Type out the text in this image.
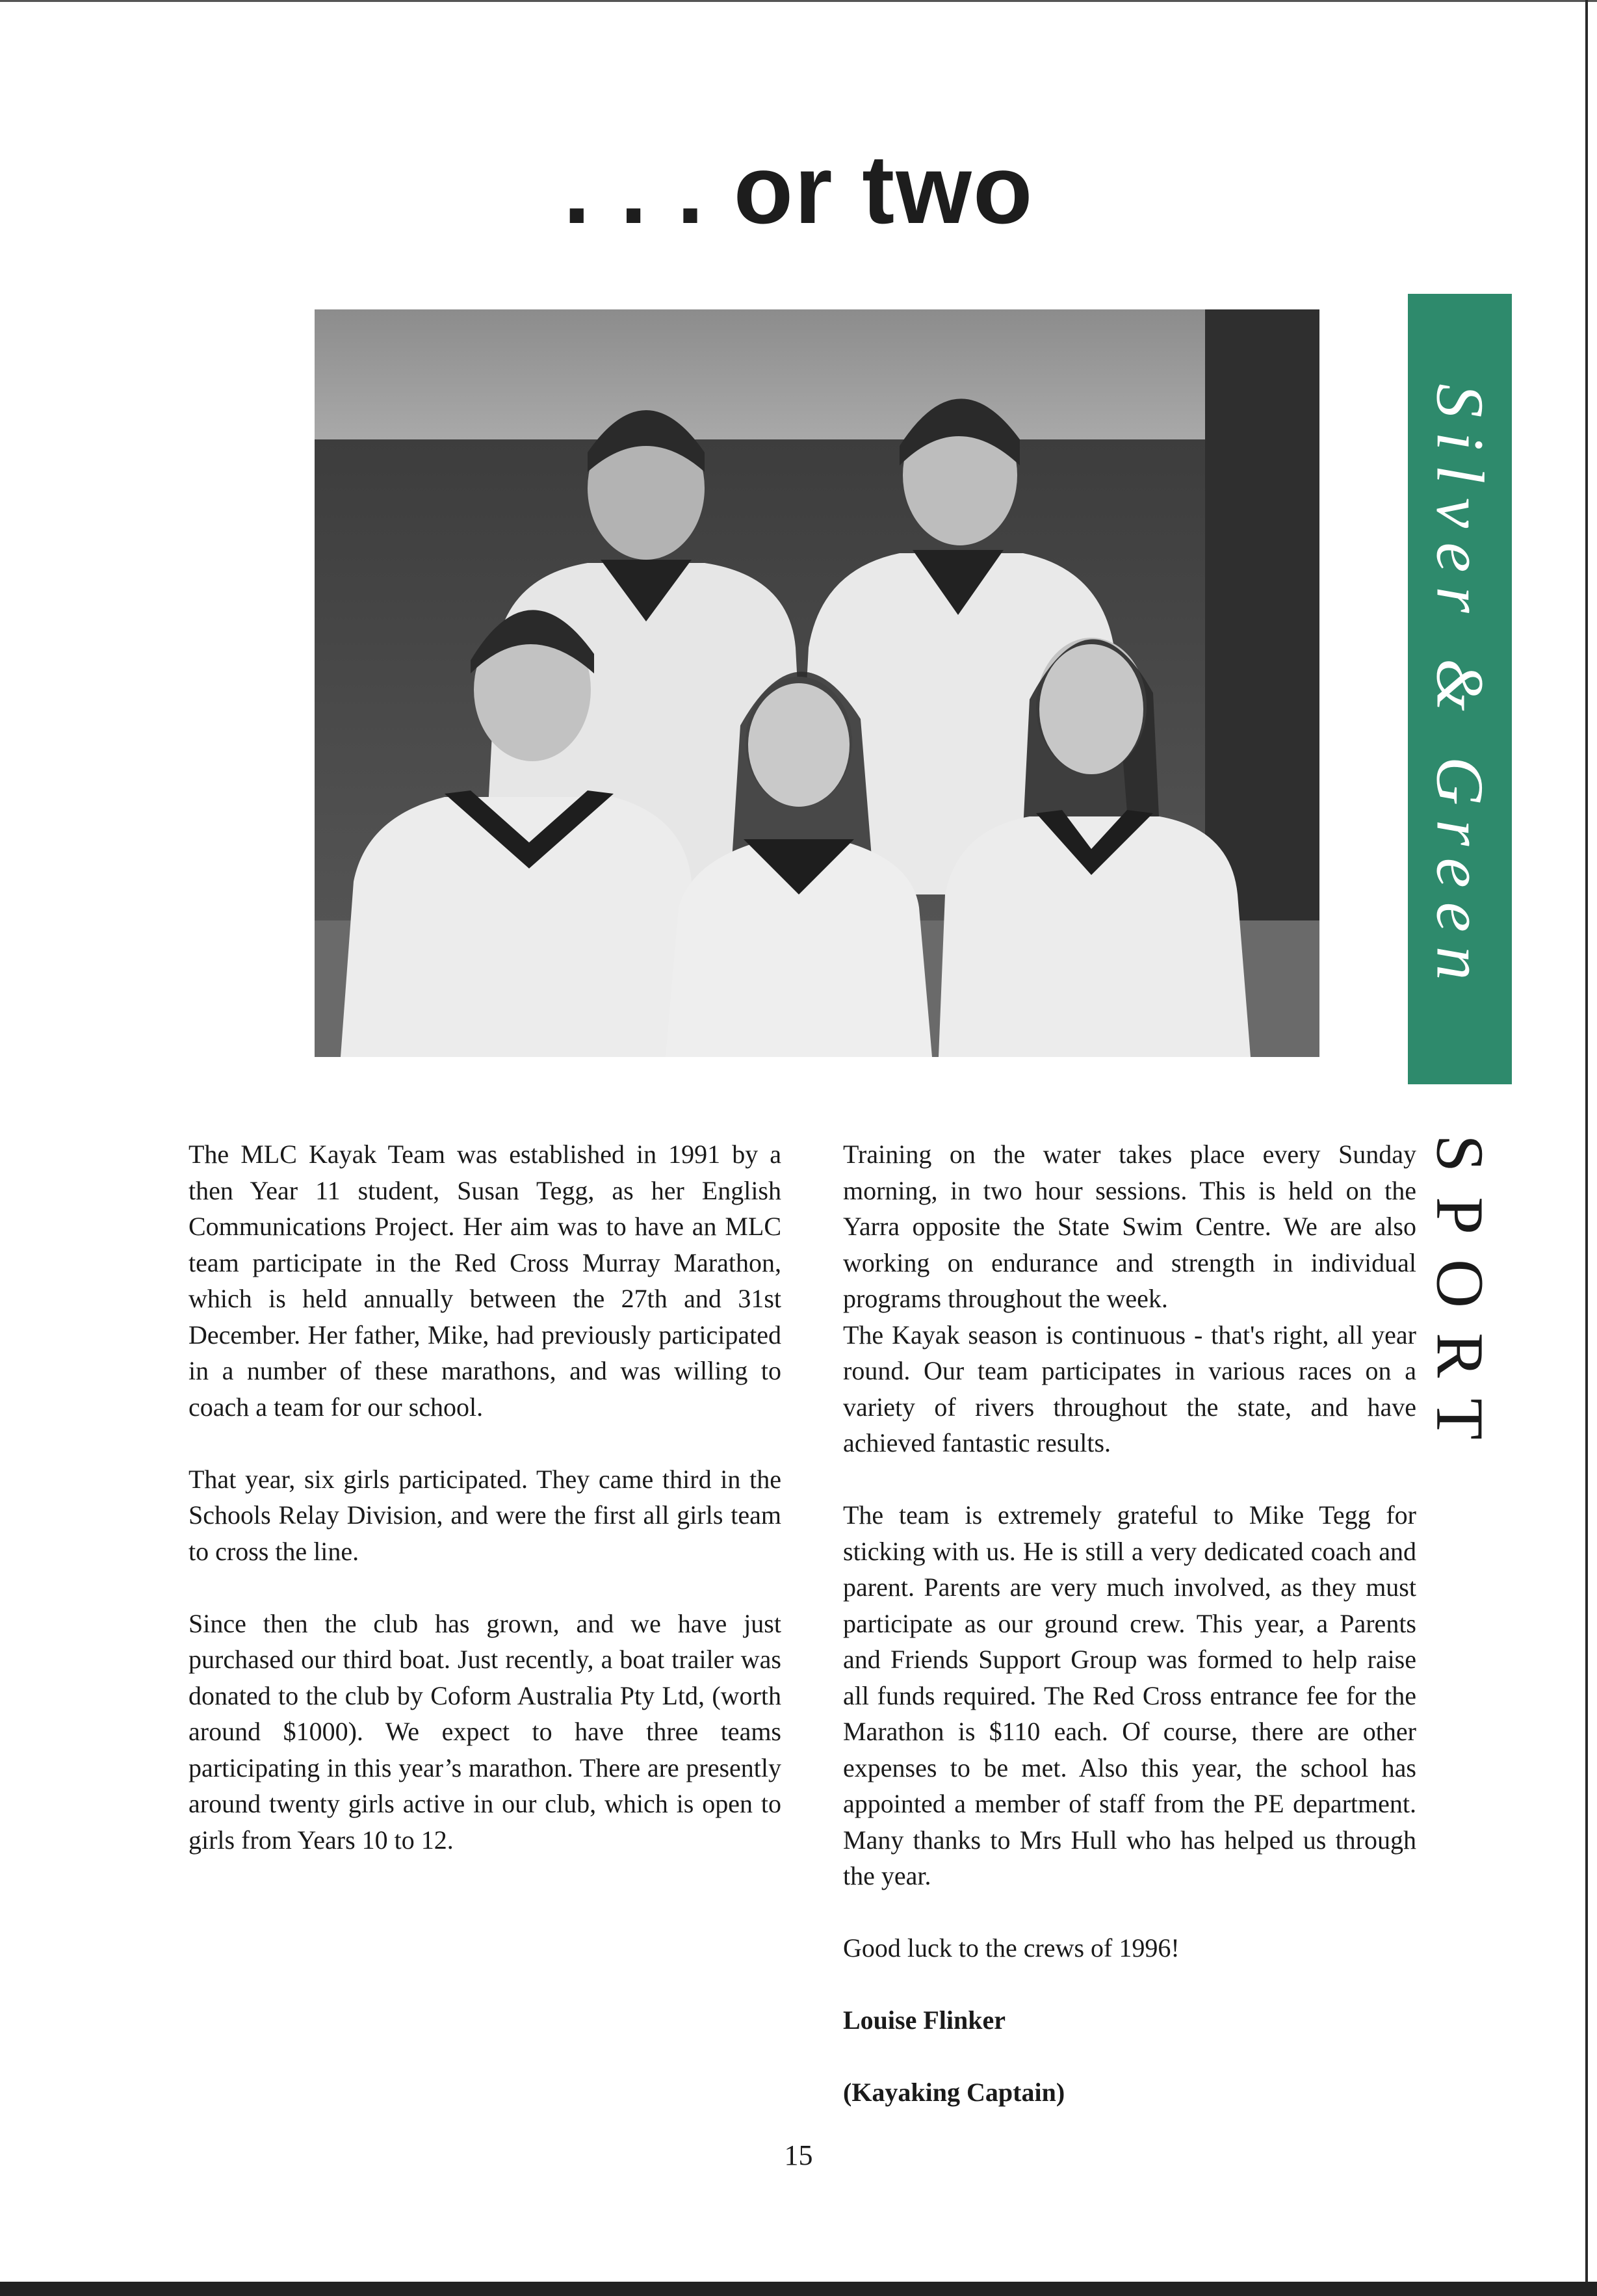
. . . or two
Silver & Green
SPORT

The MLC Kayak Team was established in 1991 by a then Year 11 student, Susan Tegg, as her English Communications Project. Her aim was to have an MLC team participate in the Red Cross Murray Marathon, which is held annually between the 27th and 31st December. Her father, Mike, had previously participated in a number of these marathons, and was willing to coach a team for our school.

That year, six girls participated. They came third in the Schools Relay Division, and were the first all girls team to cross the line.

Since then the club has grown, and we have just purchased our third boat. Just recently, a boat trailer was donated to the club by Coform Australia Pty Ltd, (worth around $1000). We expect to have three teams participating in this year’s marathon. There are presently around twenty girls active in our club, which is open to girls from Years 10 to 12.

Training on the water takes place every Sunday morning, in two hour sessions. This is held on the Yarra opposite the State Swim Centre. We are also working on endurance and strength in individual programs throughout the week.

The Kayak season is continuous - that's right, all year round. Our team participates in various races on a variety of rivers throughout the state, and have achieved fantastic results.

The team is extremely grateful to Mike Tegg for sticking with us. He is still a very dedicated coach and parent. Parents are very much involved, as they must participate as our ground crew. This year, a Parents and Friends Support Group was formed to help raise all funds required. The Red Cross entrance fee for the Marathon is $110 each. Of course, there are other expenses to be met. Also this year, the school has appointed a member of staff from the PE department. Many thanks to Mrs Hull who has helped us through the year.

Good luck to the crews of 1996!

Louise Flinker

(Kayaking Captain)

15
